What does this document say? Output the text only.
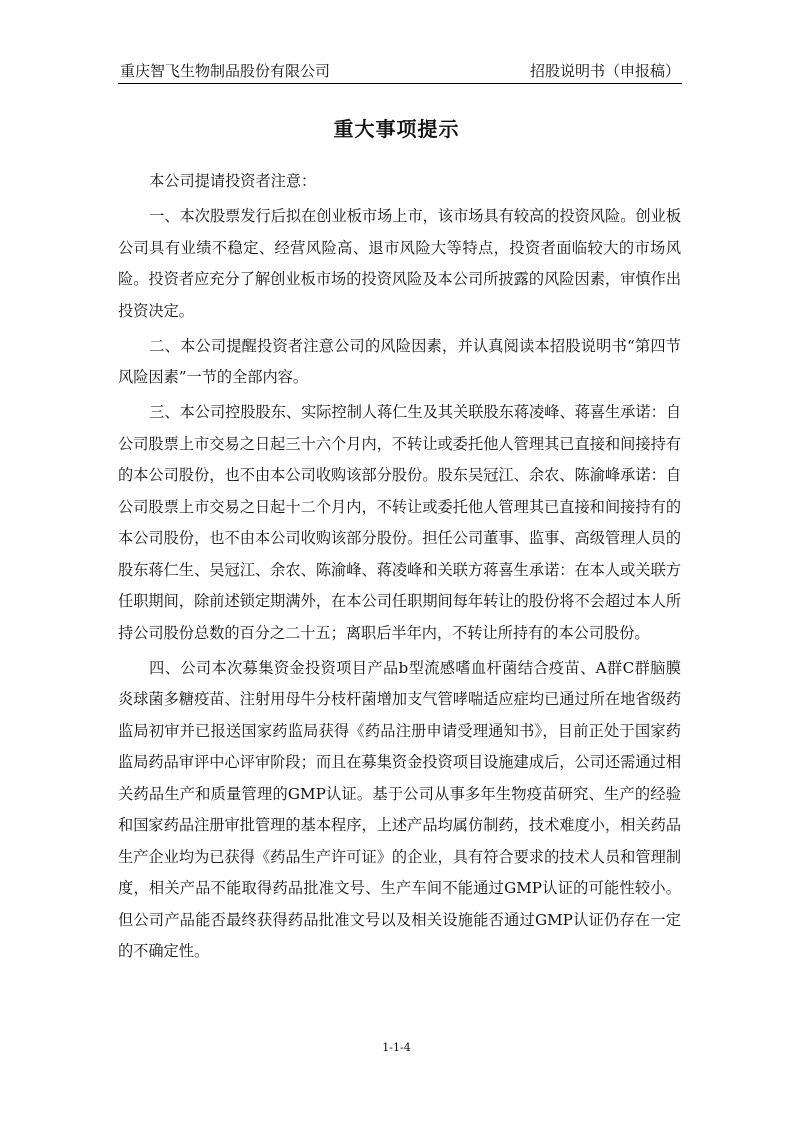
重庆智飞生物制品股份有限公司	招股说明书（申报稿）
重大事项提示

本公司提请投资者注意：

一、本次股票发行后拟在创业板市场上市，该市场具有较高的投资风险。创业板公司具有业绩不稳定、经营风险高、退市风险大等特点，投资者面临较大的市场风险。投资者应充分了解创业板市场的投资风险及本公司所披露的风险因素，审慎作出投资决定。

二、本公司提醒投资者注意公司的风险因素，并认真阅读本招股说明书“第四节 风险因素”一节的全部内容。

三、本公司控股股东、实际控制人蒋仁生及其关联股东蒋凌峰、蒋喜生承诺：自公司股票上市交易之日起三十六个月内，不转让或委托他人管理其已直接和间接持有的本公司股份，也不由本公司收购该部分股份。股东吴冠江、余农、陈渝峰承诺：自公司股票上市交易之日起十二个月内，不转让或委托他人管理其已直接和间接持有的本公司股份，也不由本公司收购该部分股份。担任公司董事、监事、高级管理人员的股东蒋仁生、吴冠江、余农、陈渝峰、蒋凌峰和关联方蒋喜生承诺：在本人或关联方任职期间，除前述锁定期满外，在本公司任职期间每年转让的股份将不会超过本人所持公司股份总数的百分之二十五；离职后半年内，不转让所持有的本公司股份。

四、公司本次募集资金投资项目产品b型流感嗜血杆菌结合疫苗、A群C群脑膜炎球菌多糖疫苗、注射用母牛分枝杆菌增加支气管哮喘适应症均已通过所在地省级药监局初审并已报送国家药监局获得《药品注册申请受理通知书》，目前正处于国家药监局药品审评中心评审阶段；而且在募集资金投资项目设施建成后，公司还需通过相关药品生产和质量管理的GMP认证。基于公司从事多年生物疫苗研究、生产的经验和国家药品注册审批管理的基本程序，上述产品均属仿制药，技术难度小，相关药品生产企业均为已获得《药品生产许可证》的企业，具有符合要求的技术人员和管理制度，相关产品不能取得药品批准文号、生产车间不能通过GMP认证的可能性较小。但公司产品能否最终获得药品批准文号以及相关设施能否通过GMP认证仍存在一定的不确定性。

1-1-4
